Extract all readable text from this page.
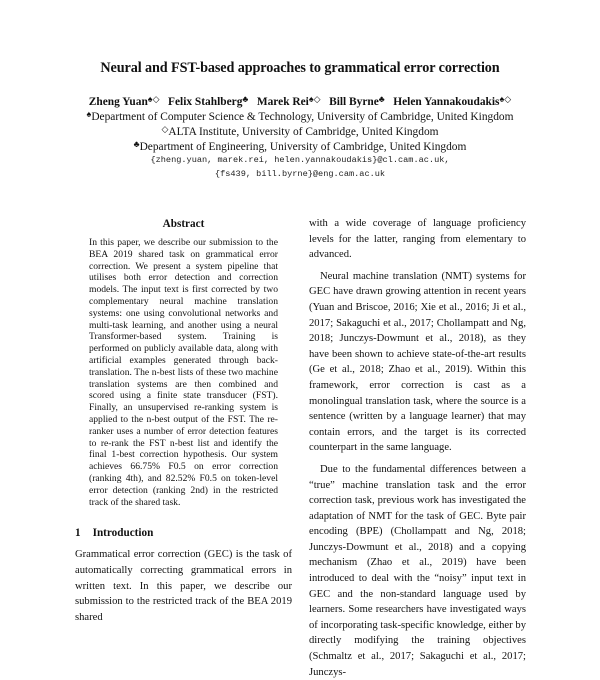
Neural and FST-based approaches to grammatical error correction
Zheng Yuan♠◇ Felix Stahlberg♣ Marek Rei♠◇ Bill Byrne♣ Helen Yannakoudakis♠◇
♠Department of Computer Science & Technology, University of Cambridge, United Kingdom
◇ALTA Institute, University of Cambridge, United Kingdom
♣Department of Engineering, University of Cambridge, United Kingdom
{zheng.yuan, marek.rei, helen.yannakoudakis}@cl.cam.ac.uk,
{fs439, bill.byrne}@eng.cam.ac.uk
Abstract
In this paper, we describe our submission to the BEA 2019 shared task on grammatical error correction. We present a system pipeline that utilises both error detection and correction models. The input text is first corrected by two complementary neural machine translation systems: one using convolutional networks and multi-task learning, and another using a neural Transformer-based system. Training is performed on publicly available data, along with artificial examples generated through back-translation. The n-best lists of these two machine translation systems are then combined and scored using a finite state transducer (FST). Finally, an unsupervised re-ranking system is applied to the n-best output of the FST. The re-ranker uses a number of error detection features to re-rank the FST n-best list and identify the final 1-best correction hypothesis. Our system achieves 66.75% F0.5 on error correction (ranking 4th), and 82.52% F0.5 on token-level error detection (ranking 2nd) in the restricted track of the shared task.
1 Introduction
Grammatical error correction (GEC) is the task of automatically correcting grammatical errors in written text. In this paper, we describe our submission to the restricted track of the BEA 2019 shared

with a wide coverage of language proficiency levels for the latter, ranging from elementary to advanced.

Neural machine translation (NMT) systems for GEC have drawn growing attention in recent years (Yuan and Briscoe, 2016; Xie et al., 2016; Ji et al., 2017; Sakaguchi et al., 2017; Chollampatt and Ng, 2018; Junczys-Dowmunt et al., 2018), as they have been shown to achieve state-of-the-art results (Ge et al., 2018; Zhao et al., 2019). Within this framework, error correction is cast as a monolingual translation task, where the source is a sentence (written by a language learner) that may contain errors, and the target is its corrected counterpart in the same language.

Due to the fundamental differences between a “true” machine translation task and the error correction task, previous work has investigated the adaptation of NMT for the task of GEC. Byte pair encoding (BPE) (Chollampatt and Ng, 2018; Junczys-Dowmunt et al., 2018) and a copying mechanism (Zhao et al., 2019) have been introduced to deal with the “noisy” input text in GEC and the non-standard language used by learners. Some researchers have investigated ways of incorporating task-specific knowledge, either by directly modifying the training objectives (Schmaltz et al., 2017; Sakaguchi et al., 2017; Junczys-
